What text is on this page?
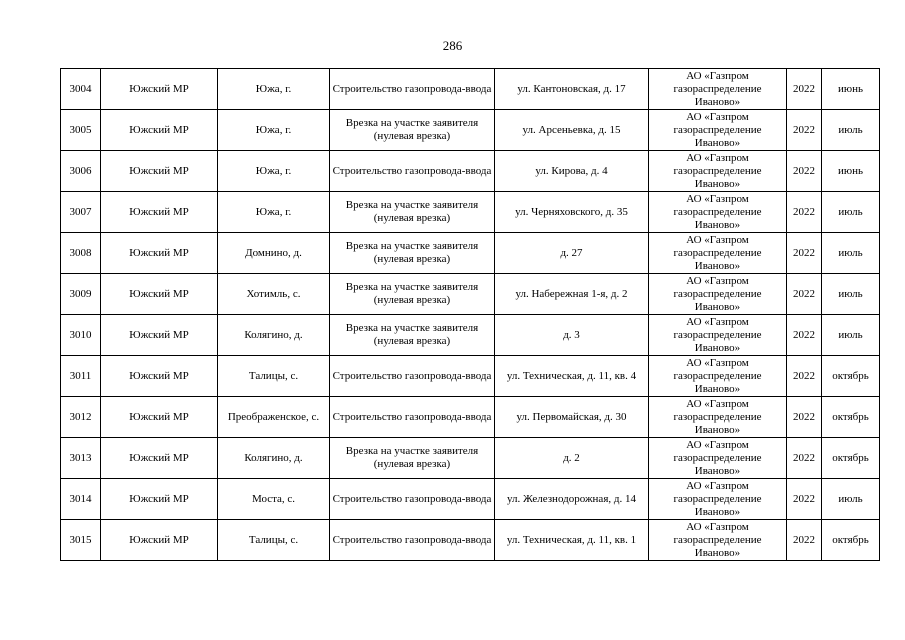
286
3004	Южский МР	Южа, г.	Строительство газопровода-ввода	ул. Кантоновская, д. 17	АО «Газпром газораспределение Иваново»	2022	июнь
3005	Южский МР	Южа, г.	Врезка на участке заявителя (нулевая врезка)	ул. Арсеньевка, д. 15	АО «Газпром газораспределение Иваново»	2022	июль
3006	Южский МР	Южа, г.	Строительство газопровода-ввода	ул. Кирова, д. 4	АО «Газпром газораспределение Иваново»	2022	июнь
3007	Южский МР	Южа, г.	Врезка на участке заявителя (нулевая врезка)	ул. Черняховского, д. 35	АО «Газпром газораспределение Иваново»	2022	июль
3008	Южский МР	Домнино, д.	Врезка на участке заявителя (нулевая врезка)	д. 27	АО «Газпром газораспределение Иваново»	2022	июль
3009	Южский МР	Хотимль, с.	Врезка на участке заявителя (нулевая врезка)	ул. Набережная 1-я, д. 2	АО «Газпром газораспределение Иваново»	2022	июль
3010	Южский МР	Колягино, д.	Врезка на участке заявителя (нулевая врезка)	д. 3	АО «Газпром газораспределение Иваново»	2022	июль
3011	Южский МР	Талицы, с.	Строительство газопровода-ввода	ул. Техническая, д. 11, кв. 4	АО «Газпром газораспределение Иваново»	2022	октябрь
3012	Южский МР	Преображенское, с.	Строительство газопровода-ввода	ул. Первомайская, д. 30	АО «Газпром газораспределение Иваново»	2022	октябрь
3013	Южский МР	Колягино, д.	Врезка на участке заявителя (нулевая врезка)	д. 2	АО «Газпром газораспределение Иваново»	2022	октябрь
3014	Южский МР	Моста, с.	Строительство газопровода-ввода	ул. Железнодорожная, д. 14	АО «Газпром газораспределение Иваново»	2022	июль
3015	Южский МР	Талицы, с.	Строительство газопровода-ввода	ул. Техническая, д. 11, кв. 1	АО «Газпром газораспределение Иваново»	2022	октябрь
